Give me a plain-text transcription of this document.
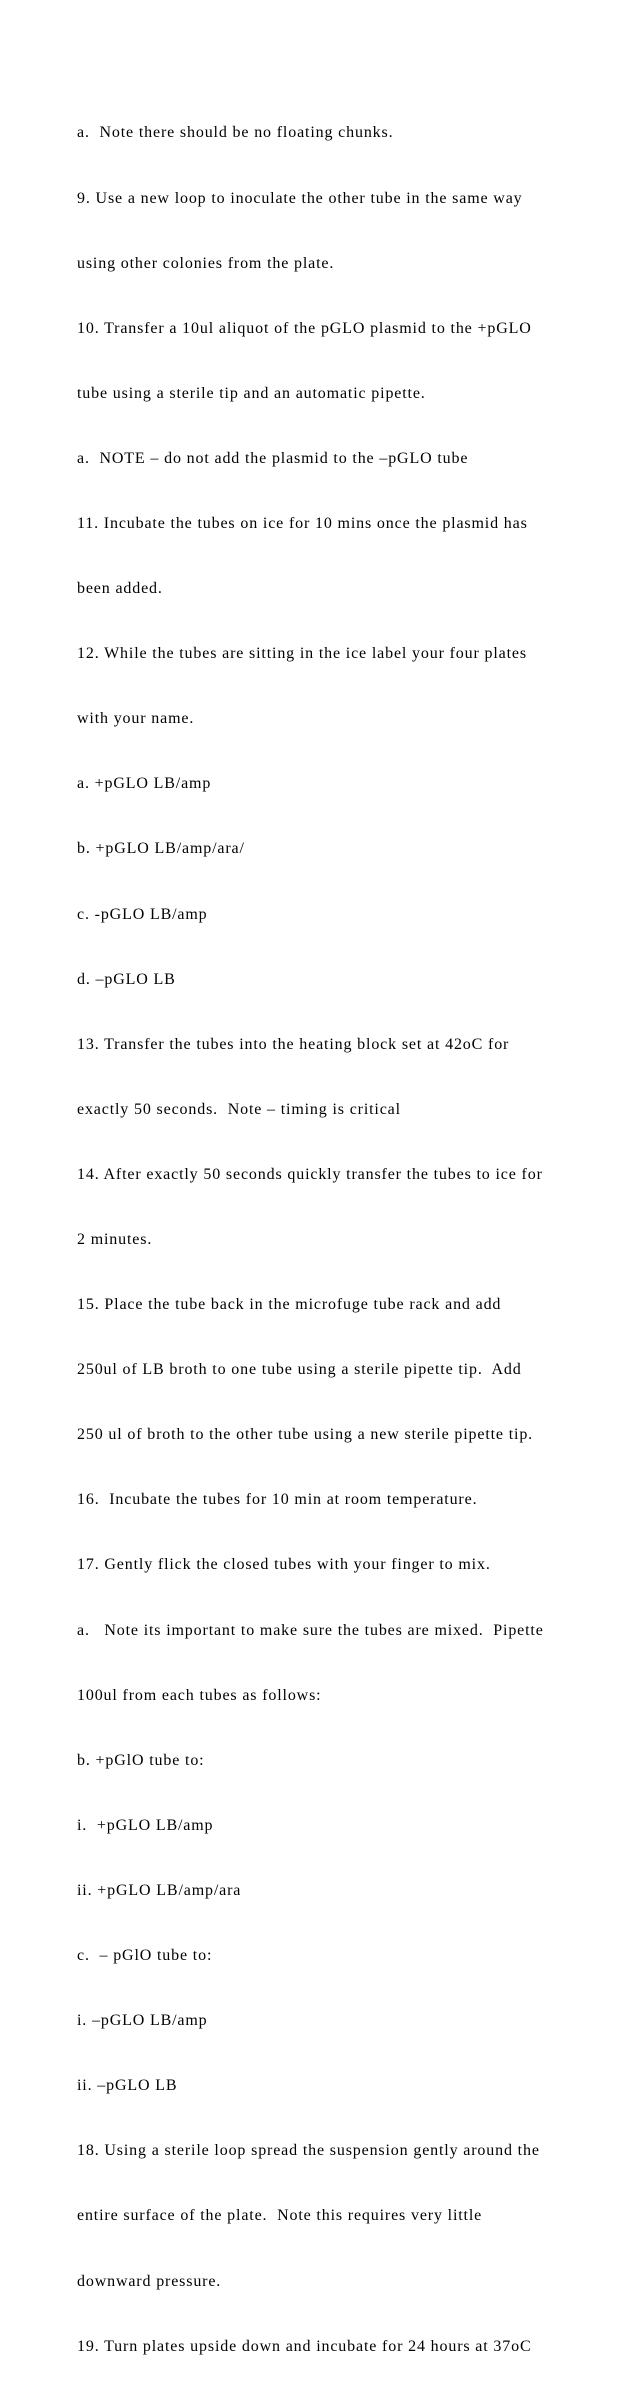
a.  Note there should be no floating chunks.

9. Use a new loop to inoculate the other tube in the same way

using other colonies from the plate.

10. Transfer a 10ul aliquot of the pGLO plasmid to the +pGLO

tube using a sterile tip and an automatic pipette.

a.  NOTE – do not add the plasmid to the –pGLO tube

11. Incubate the tubes on ice for 10 mins once the plasmid has

been added.

12. While the tubes are sitting in the ice label your four plates

with your name.

a. +pGLO LB/amp

b. +pGLO LB/amp/ara/

c. -pGLO LB/amp

d. –pGLO LB

13. Transfer the tubes into the heating block set at 42oC for

exactly 50 seconds.  Note – timing is critical

14. After exactly 50 seconds quickly transfer the tubes to ice for

2 minutes.

15. Place the tube back in the microfuge tube rack and add

250ul of LB broth to one tube using a sterile pipette tip.  Add

250 ul of broth to the other tube using a new sterile pipette tip.

16.  Incubate the tubes for 10 min at room temperature.

17. Gently flick the closed tubes with your finger to mix.

a.   Note its important to make sure the tubes are mixed.  Pipette

100ul from each tubes as follows:

b. +pGlO tube to:

i.  +pGLO LB/amp

ii. +pGLO LB/amp/ara

c.  – pGlO tube to:

i. –pGLO LB/amp

ii. –pGLO LB

18. Using a sterile loop spread the suspension gently around the

entire surface of the plate.  Note this requires very little

downward pressure.

19. Turn plates upside down and incubate for 24 hours at 37oC
